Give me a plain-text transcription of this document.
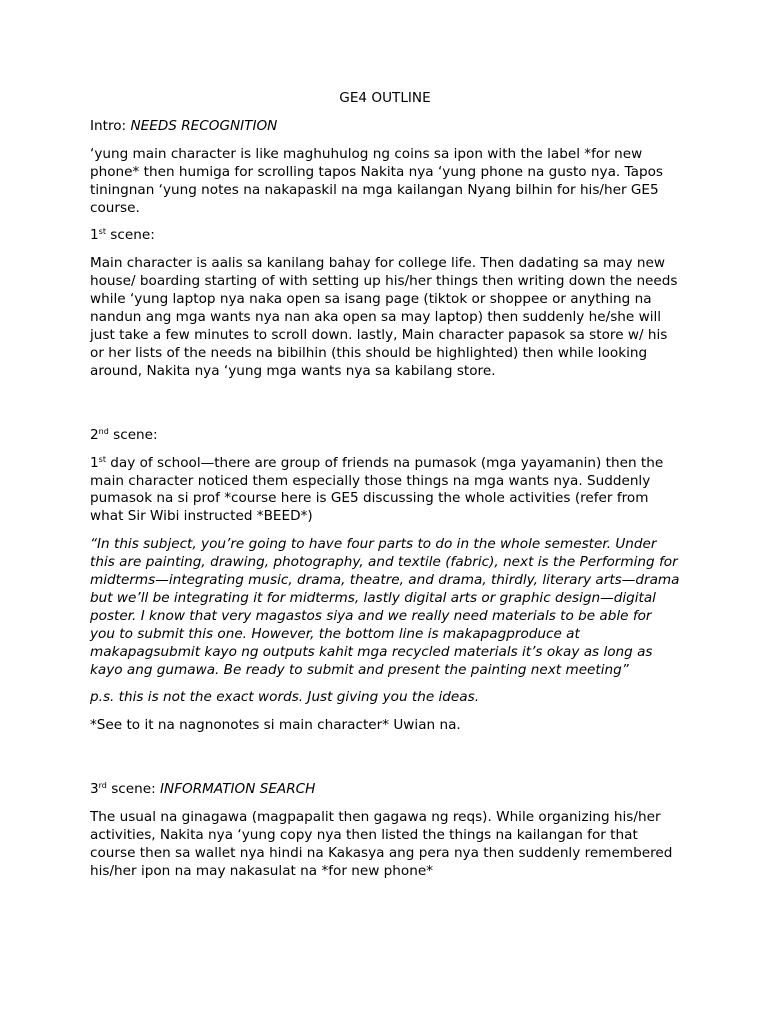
GE4 OUTLINE

Intro: NEEDS RECOGNITION

‘yung main character is like maghuhulog ng coins sa ipon with the label *for new phone* then humiga for scrolling tapos Nakita nya ‘yung phone na gusto nya. Tapos tiningnan ‘yung notes na nakapaskil na mga kailangan Nyang bilhin for his/her GE5 course.

1st scene:

Main character is aalis sa kanilang bahay for college life. Then dadating sa may new house/ boarding starting of with setting up his/her things then writing down the needs while ‘yung laptop nya naka open sa isang page (tiktok or shoppee or anything na nandun ang mga wants nya nan aka open sa may laptop) then suddenly he/she will just take a few minutes to scroll down. lastly, Main character papasok sa store w/ his or her lists of the needs na bibilhin (this should be highlighted) then while looking around, Nakita nya ‘yung mga wants nya sa kabilang store.

2nd scene:

1st day of school—there are group of friends na pumasok (mga yayamanin) then the main character noticed them especially those things na mga wants nya. Suddenly pumasok na si prof *course here is GE5 discussing the whole activities (refer from what Sir Wibi instructed *BEED*)

“In this subject, you’re going to have four parts to do in the whole semester. Under this are painting, drawing, photography, and textile (fabric), next is the Performing for midterms—integrating music, drama, theatre, and drama, thirdly, literary arts—drama but we’ll be integrating it for midterms, lastly digital arts or graphic design—digital poster. I know that very magastos siya and we really need materials to be able for you to submit this one. However, the bottom line is makapagproduce at makapagsubmit kayo ng outputs kahit mga recycled materials it’s okay as long as kayo ang gumawa. Be ready to submit and present the painting next meeting”

p.s. this is not the exact words. Just giving you the ideas.

*See to it na nagnonotes si main character* Uwian na.

3rd scene: INFORMATION SEARCH

The usual na ginagawa (magpapalit then gagawa ng reqs). While organizing his/her activities, Nakita nya ‘yung copy nya then listed the things na kailangan for that course then sa wallet nya hindi na Kakasya ang pera nya then suddenly remembered his/her ipon na may nakasulat na *for new phone*
